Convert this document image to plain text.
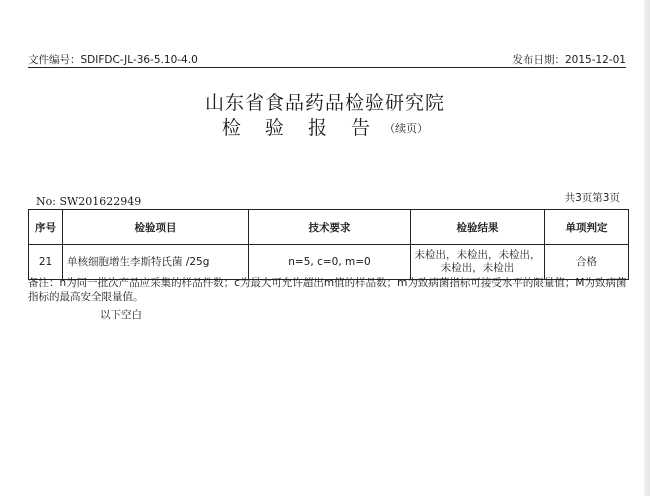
文件编号：SDIFDC-JL-36-5.10-4.0	发布日期：2015-12-01
山东省食品药品检验研究院
检 验 报 告 （续页）
No: SW201622949	共3页第3页
序号	检验项目	技术要求	检验结果	单项判定
21	单核细胞增生李斯特氏菌 /25g	n=5, c=0, m=0	未检出，未检出，未检出，未检出，未检出	合格
备注：n为同一批次产品应采集的样品件数；c为最大可允许超出m值的样品数；m为致病菌指标可接受水平的限量值；M为致病菌指标的最高安全限量值。
以下空白
